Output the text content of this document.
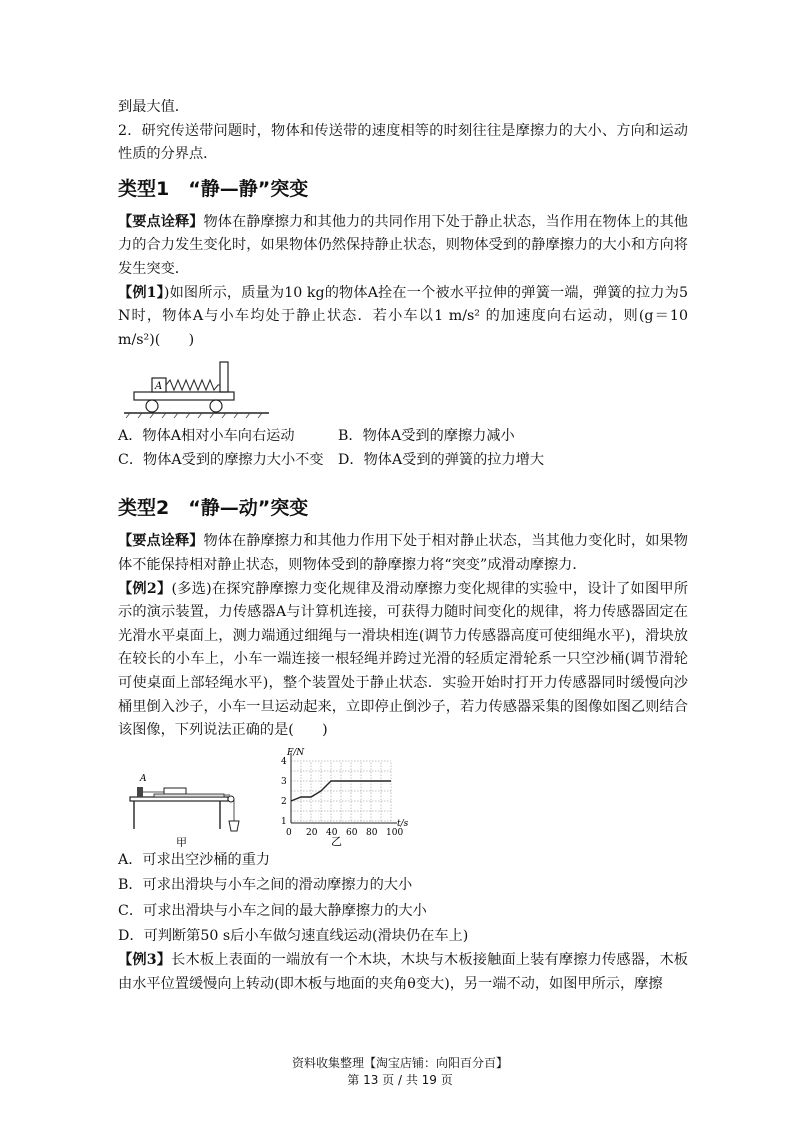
到最大值．

2．研究传送带问题时，物体和传送带的速度相等的时刻往往是摩擦力的大小、方向和运动性质的分界点．

类型1　“静—静”突变

【要点诠释】物体在静摩擦力和其他力的共同作用下处于静止状态，当作用在物体上的其他力的合力发生变化时，如果物体仍然保持静止状态，则物体受到的静摩擦力的大小和方向将发生突变．

【例1】)如图所示，质量为10 kg的物体A拴在一个被水平拉伸的弹簧一端，弹簧的拉力为5 N时，物体A与小车均处于静止状态．若小车以1 m/s² 的加速度向右运动，则(g＝10 m/s²)(　　)

A
A．物体A相对小车向右运动	B．物体A受到的摩擦力减小
C．物体A受到的摩擦力大小不变	D．物体A受到的弹簧的拉力增大
类型2　“静—动”突变

【要点诠释】物体在静摩擦力和其他力作用下处于相对静止状态，当其他力变化时，如果物体不能保持相对静止状态，则物体受到的静摩擦力将“突变”成滑动摩擦力．

【例2】(多选)在探究静摩擦力变化规律及滑动摩擦力变化规律的实验中，设计了如图甲所示的演示装置，力传感器A与计算机连接，可获得力随时间变化的规律，将力传感器固定在光滑水平桌面上，测力端通过细绳与一滑块相连(调节力传感器高度可使细绳水平)，滑块放在较长的小车上，小车一端连接一根轻绳并跨过光滑的轻质定滑轮系一只空沙桶(调节滑轮可使桌面上部轻绳水平)，整个装置处于静止状态．实验开始时打开力传感器同时缓慢向沙桶里倒入沙子，小车一旦运动起来，立即停止倒沙子，若力传感器采集的图像如图乙则结合该图像，下列说法正确的是(　　)

A
甲
0 20 40 60 80 100
1
2
3
4
F/N
t/s
乙

A．可求出空沙桶的重力

B．可求出滑块与小车之间的滑动摩擦力的大小

C．可求出滑块与小车之间的最大静摩擦力的大小

D．可判断第50 s后小车做匀速直线运动(滑块仍在车上)

【例3】长木板上表面的一端放有一个木块，木块与木板接触面上装有摩擦力传感器，木板由水平位置缓慢向上转动(即木板与地面的夹角θ变大)，另一端不动，如图甲所示，摩擦

资料收集整理【淘宝店铺：向阳百分百】
第 13 页 / 共 19 页
